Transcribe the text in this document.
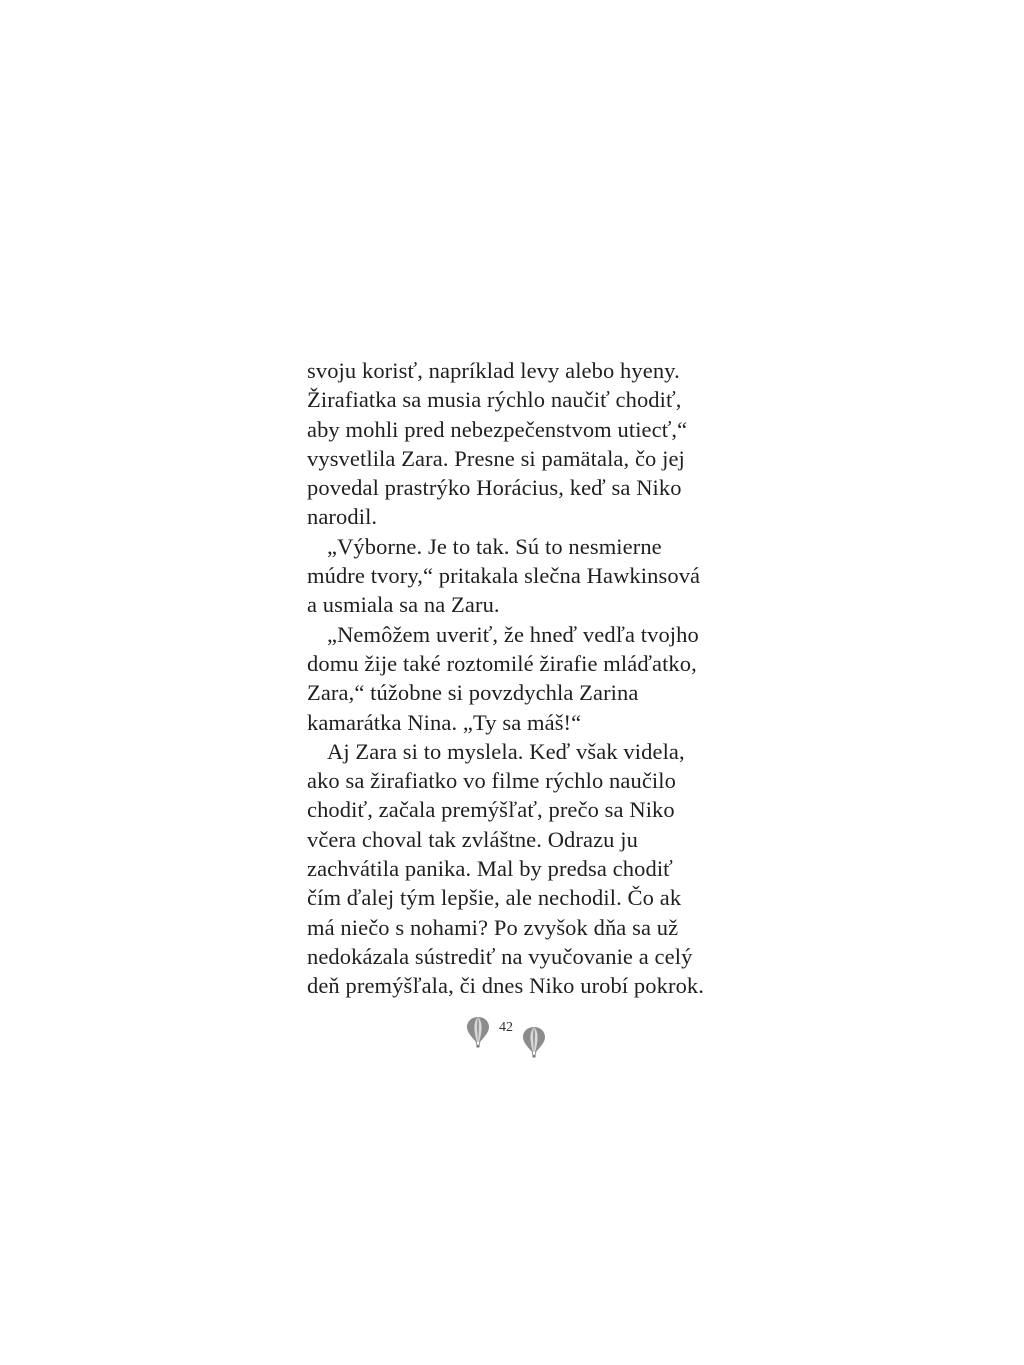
svoju korisť, napríklad levy alebo hyeny.
Žirafiatka sa musia rýchlo naučiť chodiť,
aby mohli pred nebezpečenstvom utiecť,“
vysvetlila Zara. Presne si pamätala, čo jej
povedal prastrýko Horácius, keď sa Niko
narodil.
„Výborne. Je to tak. Sú to nesmierne
múdre tvory,“ pritakala slečna Hawkinsová
a usmiala sa na Zaru.
„Nemôžem uveriť, že hneď vedľa tvojho
domu žije také roztomilé žirafie mláďatko,
Zara,“ túžobne si povzdychla Zarina
kamarátka Nina. „Ty sa máš!“
Aj Zara si to myslela. Keď však videla,
ako sa žirafiatko vo filme rýchlo naučilo
chodiť, začala premýšľať, prečo sa Niko
včera choval tak zvláštne. Odrazu ju
zachvátila panika. Mal by predsa chodiť
čím ďalej tým lepšie, ale nechodil. Čo ak
má niečo s nohami? Po zvyšok dňa sa už
nedokázala sústrediť na vyučovanie a celý
deň premýšľala, či dnes Niko urobí pokrok.
42
